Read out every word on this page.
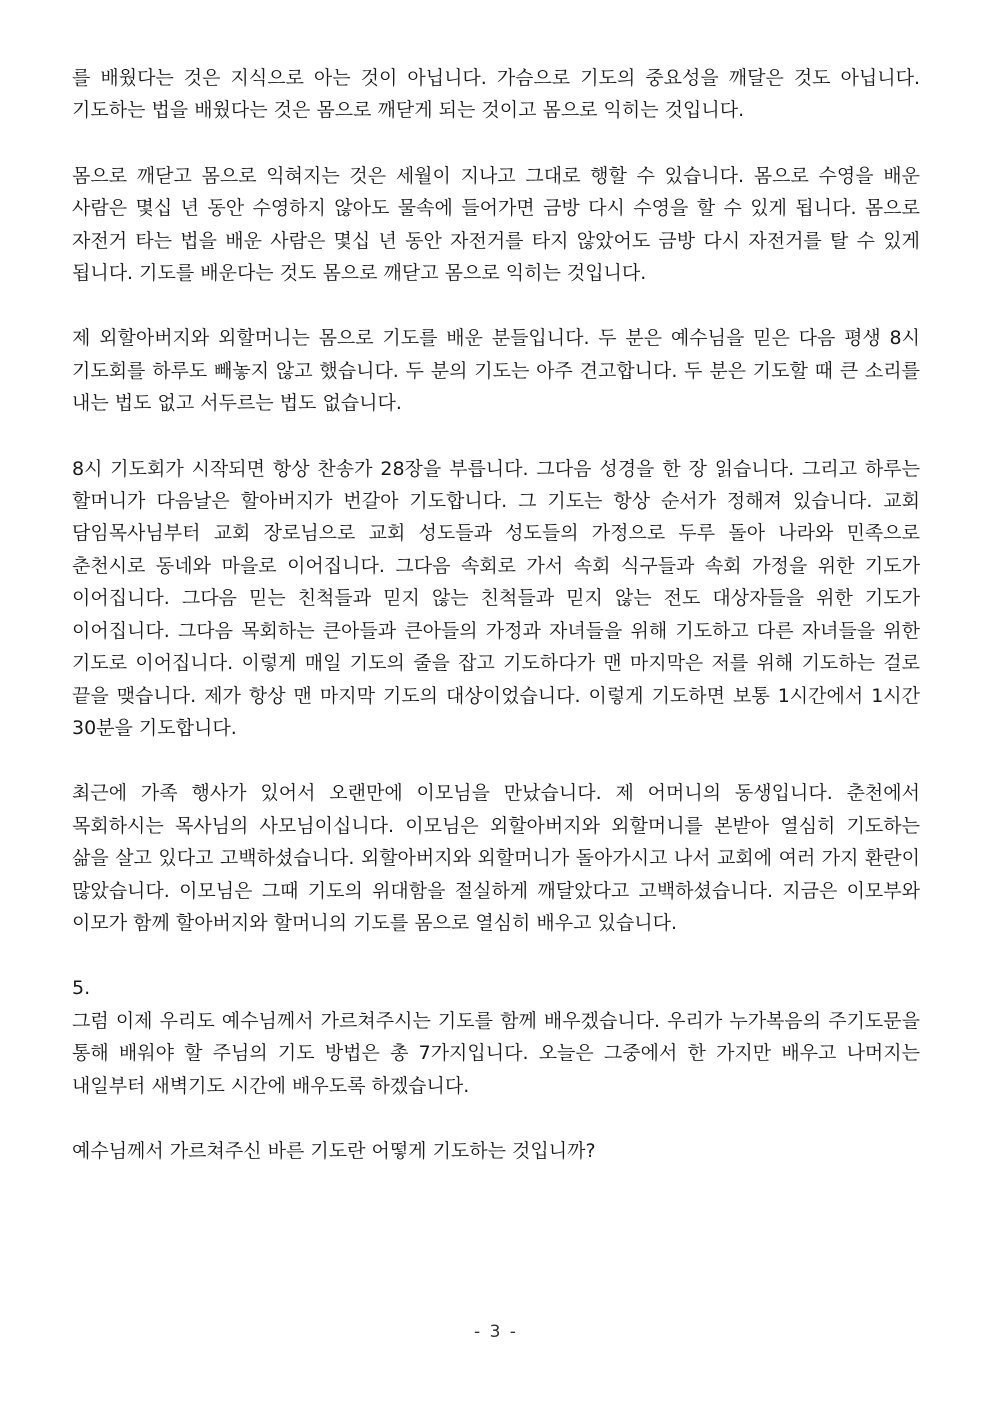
를 배웠다는 것은 지식으로 아는 것이 아닙니다. 가슴으로 기도의 중요성을 깨달은 것도 아닙니다. 기도하는 법을 배웠다는 것은 몸으로 깨닫게 되는 것이고 몸으로 익히는 것입니다.

몸으로 깨닫고 몸으로 익혀지는 것은 세월이 지나고 그대로 행할 수 있습니다. 몸으로 수영을 배운 사람은 몇십 년 동안 수영하지 않아도 물속에 들어가면 금방 다시 수영을 할 수 있게 됩니다. 몸으로 자전거 타는 법을 배운 사람은 몇십 년 동안 자전거를 타지 않았어도 금방 다시 자전거를 탈 수 있게 됩니다. 기도를 배운다는 것도 몸으로 깨닫고 몸으로 익히는 것입니다.

제 외할아버지와 외할머니는 몸으로 기도를 배운 분들입니다. 두 분은 예수님을 믿은 다음 평생 8시 기도회를 하루도 빼놓지 않고 했습니다. 두 분의 기도는 아주 견고합니다. 두 분은 기도할 때 큰 소리를 내는 법도 없고 서두르는 법도 없습니다.

8시 기도회가 시작되면 항상 찬송가 28장을 부릅니다. 그다음 성경을 한 장 읽습니다. 그리고 하루는 할머니가 다음날은 할아버지가 번갈아 기도합니다. 그 기도는 항상 순서가 정해져 있습니다. 교회 담임목사님부터 교회 장로님으로 교회 성도들과 성도들의 가정으로 두루 돌아 나라와 민족으로 춘천시로 동네와 마을로 이어집니다. 그다음 속회로 가서 속회 식구들과 속회 가정을 위한 기도가 이어집니다. 그다음 믿는 친척들과 믿지 않는 친척들과 믿지 않는 전도 대상자들을 위한 기도가 이어집니다. 그다음 목회하는 큰아들과 큰아들의 가정과 자녀들을 위해 기도하고 다른 자녀들을 위한 기도로 이어집니다. 이렇게 매일 기도의 줄을 잡고 기도하다가 맨 마지막은 저를 위해 기도하는 걸로 끝을 맺습니다. 제가 항상 맨 마지막 기도의 대상이었습니다. 이렇게 기도하면 보통 1시간에서 1시간 30분을 기도합니다.

최근에 가족 행사가 있어서 오랜만에 이모님을 만났습니다. 제 어머니의 동생입니다. 춘천에서 목회하시는 목사님의 사모님이십니다. 이모님은 외할아버지와 외할머니를 본받아 열심히 기도하는 삶을 살고 있다고 고백하셨습니다. 외할아버지와 외할머니가 돌아가시고 나서 교회에 여러 가지 환란이 많았습니다. 이모님은 그때 기도의 위대함을 절실하게 깨달았다고 고백하셨습니다. 지금은 이모부와 이모가 함께 할아버지와 할머니의 기도를 몸으로 열심히 배우고 있습니다.

5.

그럼 이제 우리도 예수님께서 가르쳐주시는 기도를 함께 배우겠습니다. 우리가 누가복음의 주기도문을 통해 배워야 할 주님의 기도 방법은 총 7가지입니다. 오늘은 그중에서 한 가지만 배우고 나머지는 내일부터 새벽기도 시간에 배우도록 하겠습니다.

예수님께서 가르쳐주신 바른 기도란 어떻게 기도하는 것입니까?

- 3 -
